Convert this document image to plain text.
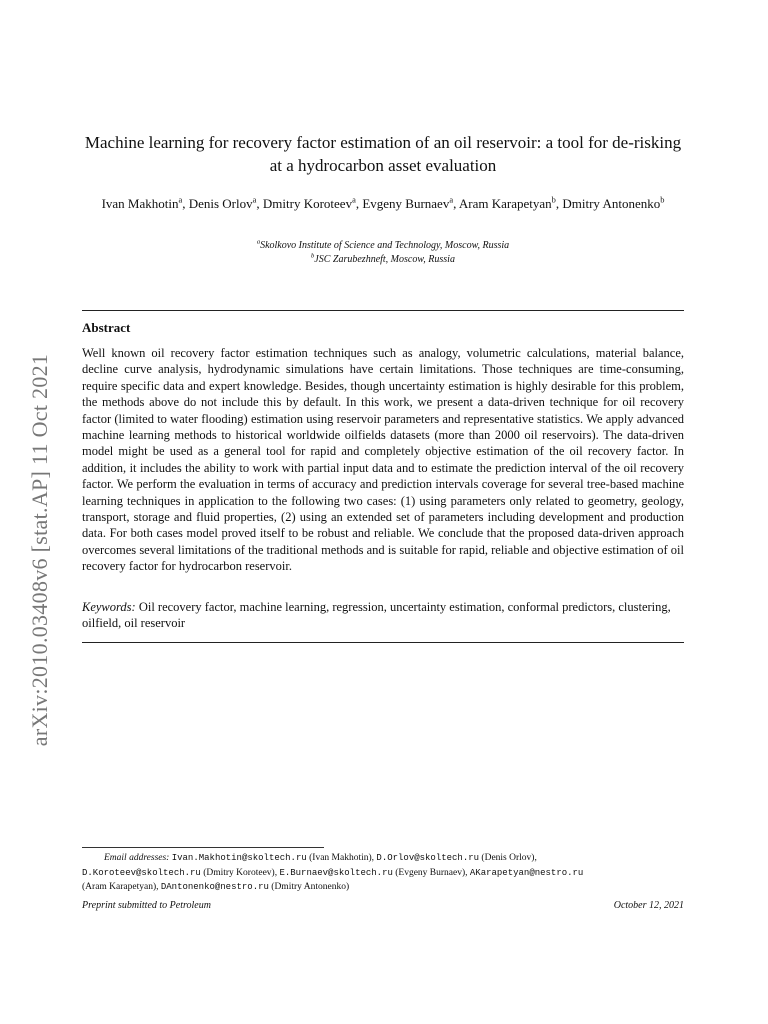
arXiv:2010.03408v6 [stat.AP] 11 Oct 2021
Machine learning for recovery factor estimation of an oil reservoir: a tool for de-risking at a hydrocarbon asset evaluation
Ivan Makhotin$^a$, Denis Orlov$^a$, Dmitry Koroteev$^a$, Evgeny Burnaev$^a$, Aram Karapetyan$^b$, Dmitry Antonenko$^b$
$^a$Skolkovo Institute of Science and Technology, Moscow, Russia
$^b$JSC Zarubezhneft, Moscow, Russia
Abstract
Well known oil recovery factor estimation techniques such as analogy, volumetric calculations, material balance, decline curve analysis, hydrodynamic simulations have certain limitations. Those techniques are time-consuming, require specific data and expert knowledge. Besides, though uncertainty estimation is highly desirable for this problem, the methods above do not include this by default. In this work, we present a data-driven technique for oil recovery factor (limited to water flooding) estimation using reservoir parameters and representative statistics. We apply advanced machine learning methods to historical worldwide oilfields datasets (more than 2000 oil reservoirs). The data-driven model might be used as a general tool for rapid and completely objective estimation of the oil recovery factor. In addition, it includes the ability to work with partial input data and to estimate the prediction interval of the oil recovery factor. We perform the evaluation in terms of accuracy and prediction intervals coverage for several tree-based machine learning techniques in application to the following two cases: (1) using parameters only related to geometry, geology, transport, storage and fluid properties, (2) using an extended set of parameters including development and production data. For both cases model proved itself to be robust and reliable. We conclude that the proposed data-driven approach overcomes several limitations of the traditional methods and is suitable for rapid, reliable and objective estimation of oil recovery factor for hydrocarbon reservoir.
Keywords: Oil recovery factor, machine learning, regression, uncertainty estimation, conformal predictors, clustering, oilfield, oil reservoir
Email addresses: Ivan.Makhotin@skoltech.ru (Ivan Makhotin), D.Orlov@skoltech.ru (Denis Orlov),
D.Koroteev@skoltech.ru (Dmitry Koroteev), E.Burnaev@skoltech.ru (Evgeny Burnaev), AKarapetyan@nestro.ru
(Aram Karapetyan), DAntonenko@nestro.ru (Dmitry Antonenko)
Preprint submitted to Petroleum	October 12, 2021
